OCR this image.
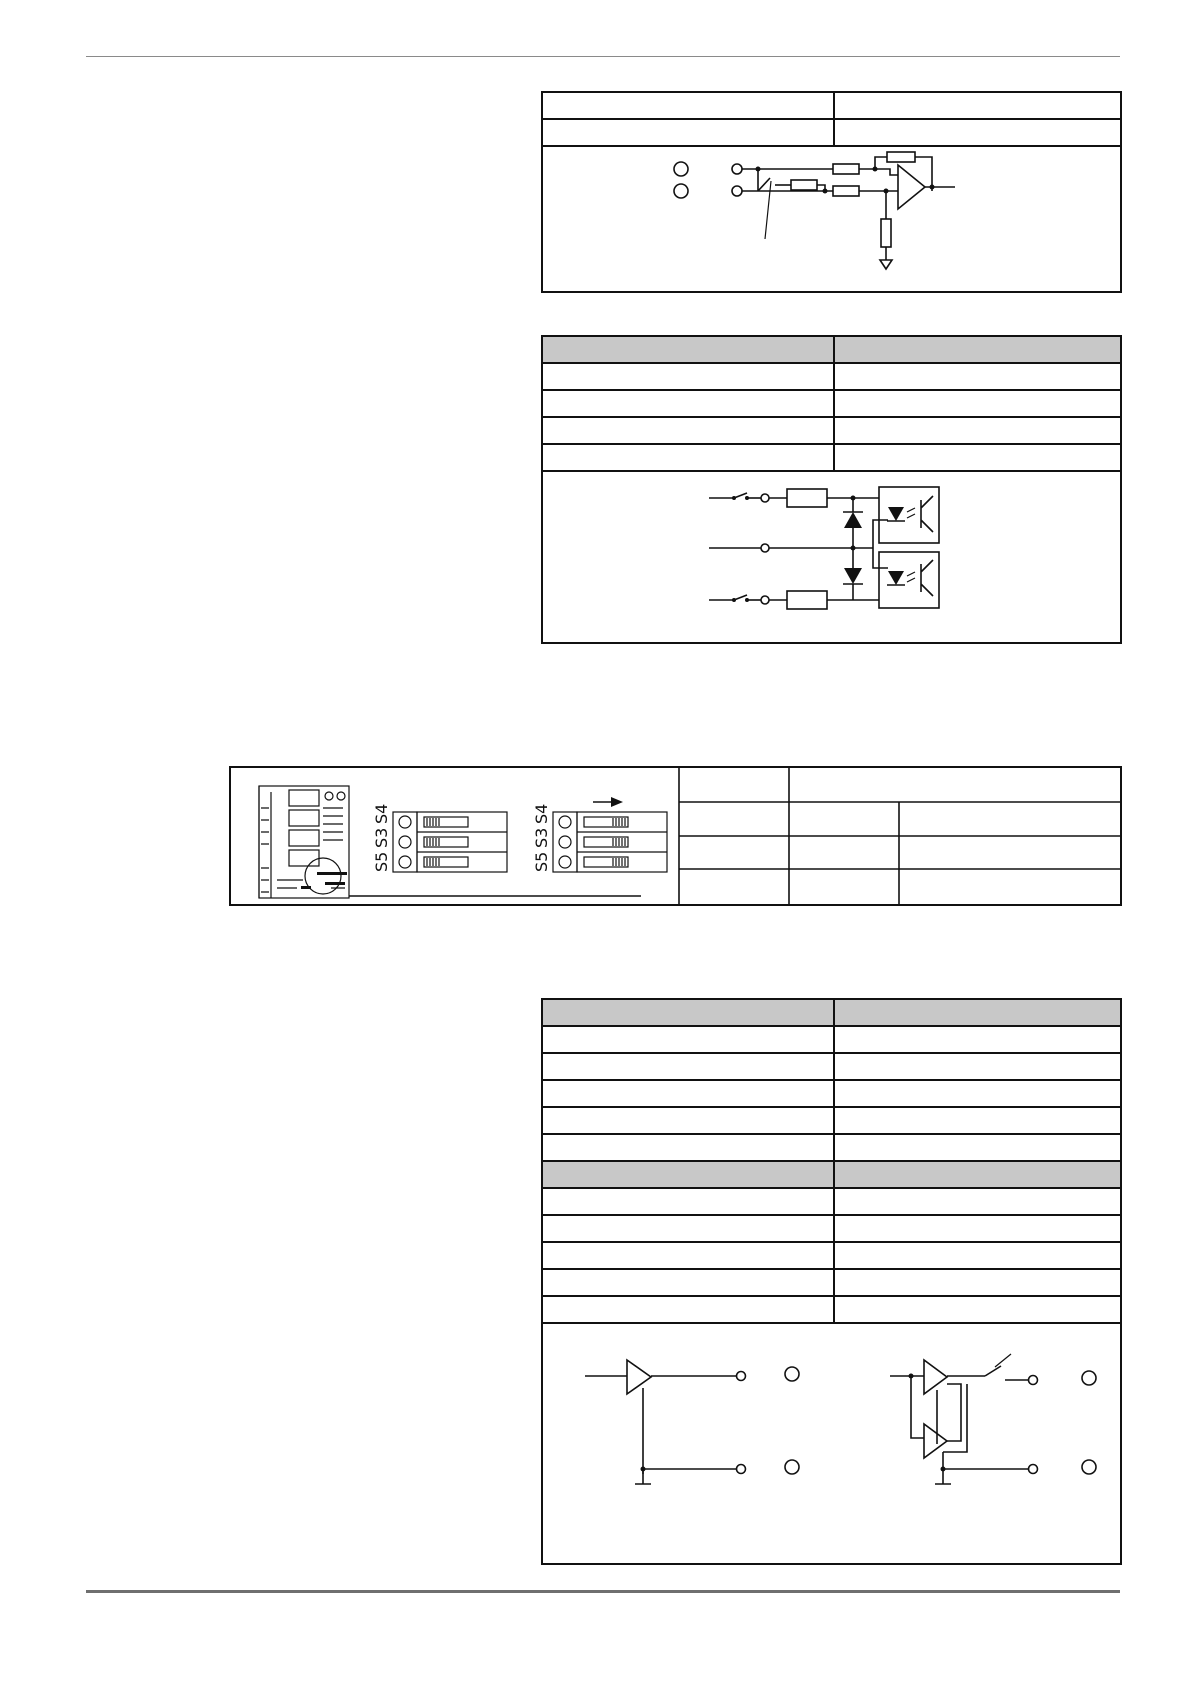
S5
S3
S4
S5
S3
S4
